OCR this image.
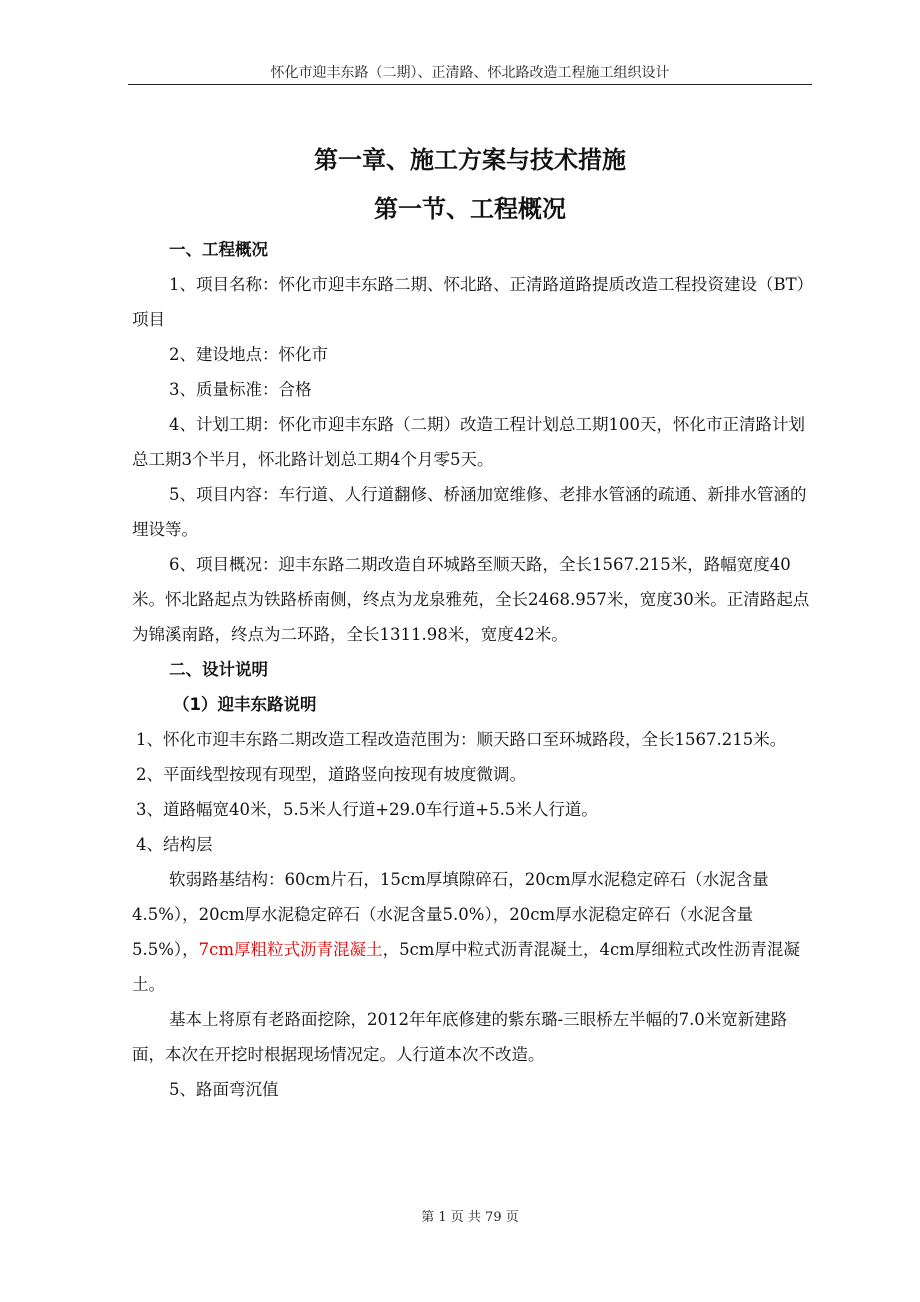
怀化市迎丰东路（二期）、正清路、怀北路改造工程施工组织设计
第一章、施工方案与技术措施
第一节、工程概况

一、工程概况

1、项目名称：怀化市迎丰东路二期、怀北路、正清路道路提质改造工程投资建设（BT）项目

2、建设地点：怀化市

3、质量标准：合格

4、计划工期：怀化市迎丰东路（二期）改造工程计划总工期100天，怀化市正清路计划总工期3个半月，怀北路计划总工期4个月零5天。

5、项目内容：车行道、人行道翻修、桥涵加宽维修、老排水管涵的疏通、新排水管涵的埋设等。

6、项目概况：迎丰东路二期改造自环城路至顺天路，全长1567.215米，路幅宽度40米。怀北路起点为铁路桥南侧，终点为龙泉雅苑，全长2468.957米，宽度30米。正清路起点为锦溪南路，终点为二环路，全长1311.98米，宽度42米。

二、设计说明

（1）迎丰东路说明

1、怀化市迎丰东路二期改造工程改造范围为：顺天路口至环城路段，全长1567.215米。

2、平面线型按现有现型，道路竖向按现有坡度微调。

3、道路幅宽40米，5.5米人行道+29.0车行道+5.5米人行道。

4、结构层

软弱路基结构：60cm片石，15cm厚填隙碎石，20cm厚水泥稳定碎石（水泥含量4.5%），20cm厚水泥稳定碎石（水泥含量5.0%），20cm厚水泥稳定碎石（水泥含量5.5%），7cm厚粗粒式沥青混凝土，5cm厚中粒式沥青混凝土，4cm厚细粒式改性沥青混凝土。

基本上将原有老路面挖除，2012年年底修建的紫东璐-三眼桥左半幅的7.0米宽新建路面，本次在开挖时根据现场情况定。人行道本次不改造。

5、路面弯沉值

第 1 页 共 79 页
